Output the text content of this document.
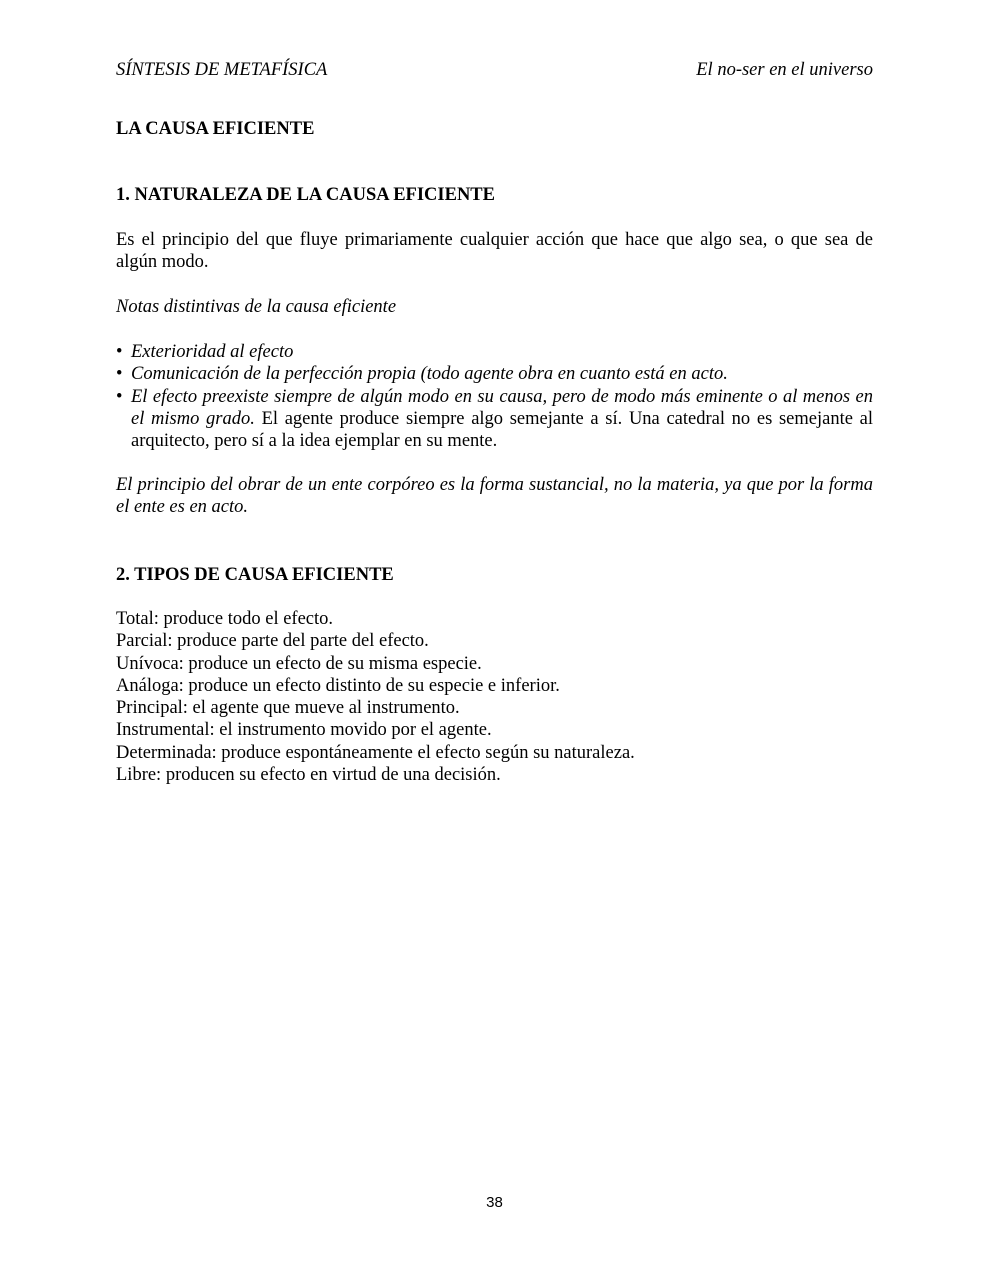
SÍNTESIS DE METAFÍSICA	El no-ser en el universo
LA CAUSA EFICIENTE
1. NATURALEZA DE LA CAUSA EFICIENTE

Es el principio del que fluye primariamente cualquier acción que hace que algo sea, o que sea de algún modo.

Notas distintivas de la causa eficiente

• Exterioridad al efecto
• Comunicación de la perfección propia (todo agente obra en cuanto está en acto.
• El efecto preexiste siempre de algún modo en su causa, pero de modo más eminente o al menos en el mismo grado. El agente produce siempre algo semejante a sí. Una catedral no es semejante al arquitecto, pero sí a la idea ejemplar en su mente.

El principio del obrar de un ente corpóreo es la forma sustancial, no la materia, ya que por la forma el ente es en acto.

2. TIPOS DE CAUSA EFICIENTE
Total: produce todo el efecto.
Parcial: produce parte del parte del efecto.
Unívoca: produce un efecto de su misma especie.
Análoga: produce un efecto distinto de su especie e inferior.
Principal: el agente que mueve al instrumento.
Instrumental: el instrumento movido por el agente.
Determinada: produce espontáneamente el efecto según su naturaleza.
Libre: producen su efecto en virtud de una decisión.
38
